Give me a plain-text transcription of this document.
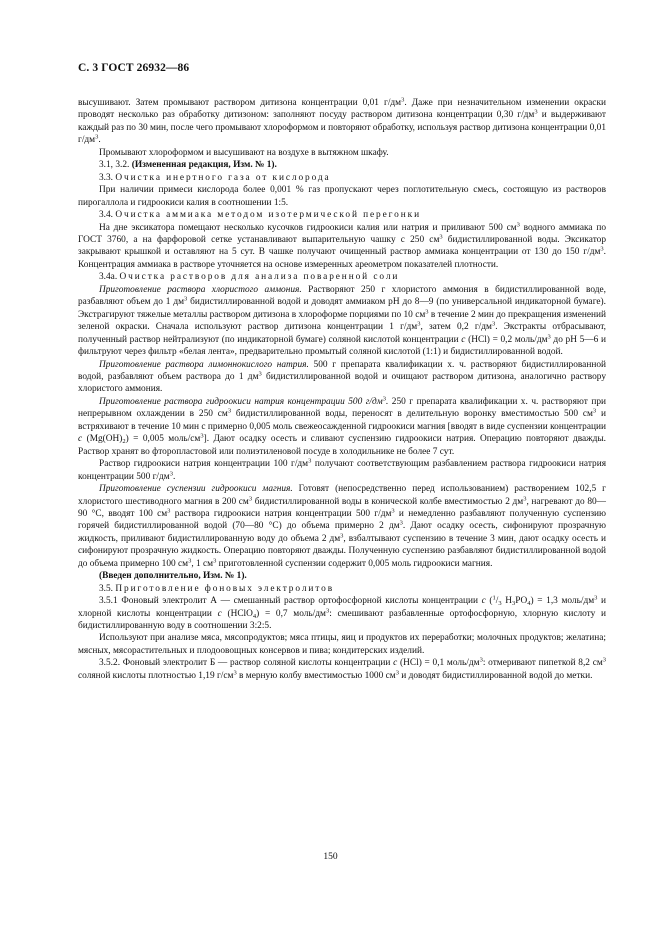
С. 3 ГОСТ 26932—86

высушивают. Затем промывают раствором дитизона концентрации 0,01 $г/дм^3$. Даже при незначительном изменении окраски проводят несколько раз обработку дитизоном: заполняют посуду раствором дитизона концентрации 0,30 $г/дм^3$ и выдерживают каждый раз по 30 мин, после чего промывают хлороформом и повторяют обработку, используя раствор дитизона концентрации 0,01 $г/дм^3$.

Промывают хлороформом и высушивают на воздухе в вытяжном шкафу.

3.1, 3.2. (Измененная редакция, Изм. № 1).

3.3. Очистка инертного газа от кислорода

При наличии примеси кислорода более 0,001 % газ пропускают через поглотительную смесь, состоящую из растворов пирогаллола и гидроокиси калия в соотношении 1:5.

3.4. Очистка аммиака методом изотермической перегонки

На дне эксикатора помещают несколько кусочков гидроокиси калия или натрия и приливают 500 $см^3$ водного аммиака по ГОСТ 3760, а на фарфоровой сетке устанавливают выпарительную чашку с 250 $см^3$ бидистиллированной воды. Эксикатор закрывают крышкой и оставляют на 5 сут. В чашке получают очищенный раствор аммиака концентрации от 130 до 150 $г/дм^3$. Концентрация аммиака в растворе уточняется на основе измеренных ареометром показателей плотности.

3.4а. Очистка растворов для анализа поваренной соли

Приготовление раствора хлористого аммония. Растворяют 250 г хлористого аммония в бидистиллированной воде, разбавляют объем до 1 $дм^3$ бидистиллированной водой и доводят аммиаком pH до 8—9 (по универсальной индикаторной бумаге). Экстрагируют тяжелые металлы раствором дитизона в хлороформе порциями по 10 $см^3$ в течение 2 мин до прекращения изменений зеленой окраски. Сначала используют раствор дитизона концентрации 1 $г/дм^3$, затем 0,2 $г/дм^3$. Экстракты отбрасывают, полученный раствор нейтрализуют (по индикаторной бумаге) соляной кислотой концентрации c (HCl) = 0,2 моль/$дм^3$ до pH 5—6 и фильтруют через фильтр «белая лента», предварительно промытый соляной кислотой (1:1) и бидистиллированной водой.

Приготовление раствора лимоннокислого натрия. 500 г препарата квалификации х. ч. растворяют бидистиллированной водой, разбавляют объем раствора до 1 $дм^3$ бидистиллированной водой и очищают раствором дитизона, аналогично раствору хлористого аммония.

Приготовление раствора гидроокиси натрия концентрации 500 $г/дм^3$. 250 г препарата квалификации х. ч. растворяют при непрерывном охлаждении в 250 $см^3$ бидистиллированной воды, переносят в делительную воронку вместимостью 500 $см^3$ и встряхивают в течение 10 мин с примерно 0,005 моль свежеосажденной гидроокиси магния [вводят в виде суспензии концентрации c $(Mg(OH)_2) = 0,005$ моль/$см^3$]. Дают осадку осесть и сливают суспензию гидроокиси натрия. Операцию повторяют дважды. Раствор хранят во фторопластовой или полиэтиленовой посуде в холодильнике не более 7 сут.

Раствор гидроокиси натрия концентрации 100 $г/дм^3$ получают соответствующим разбавлением раствора гидроокиси натрия концентрации 500 $г/дм^3$.

Приготовление суспензии гидроокиси магния. Готовят (непосредственно перед использованием) растворением 102,5 г хлористого шестиводного магния в 200 $см^3$ бидистиллированной воды в конической колбе вместимостью 2 $дм^3$, нагревают до 80—90 °С, вводят 100 $см^3$ раствора гидроокиси натрия концентрации 500 $г/дм^3$ и немедленно разбавляют полученную суспензию горячей бидистиллированной водой (70—80 °С) до объема примерно 2 $дм^3$. Дают осадку осесть, сифонируют прозрачную жидкость, приливают бидистиллированную воду до объема 2 $дм^3$, взбалтывают суспензию в течение 3 мин, дают осадку осесть и сифонируют прозрачную жидкость. Операцию повторяют дважды. Полученную суспензию разбавляют бидистиллированной водой до объема примерно 100 $см^3$, 1 $см^3$ приготовленной суспензии содержит 0,005 моль гидроокиси магния.

(Введен дополнительно, Изм. № 1).

3.5. Приготовление фоновых электролитов

3.5.1 Фоновый электролит А — смешанный раствор ортофосфорной кислоты концентрации c ($^1/_3$ $H_3PO_4) = 1,3$ моль/$дм^3$ и хлорной кислоты концентрации c (HClO$_4$) = 0,7 моль/$дм^3$: смешивают разбавленные ортофосфорную, хлорную кислоту и бидистиллированную воду в соотношении 3:2:5.

Используют при анализе мяса, мясопродуктов; мяса птицы, яиц и продуктов их переработки; молочных продуктов; желатина; мясных, мясорастительных и плодоовощных консервов и пива; кондитерских изделий.

3.5.2. Фоновый электролит Б — раствор соляной кислоты концентрации c (HCl) = 0,1 моль/$дм^3$: отмеривают пипеткой 8,2 $см^3$ соляной кислоты плотностью 1,19 $г/см^3$ в мерную колбу вместимостью 1000 $см^3$ и доводят бидистиллированной водой до метки.

150
